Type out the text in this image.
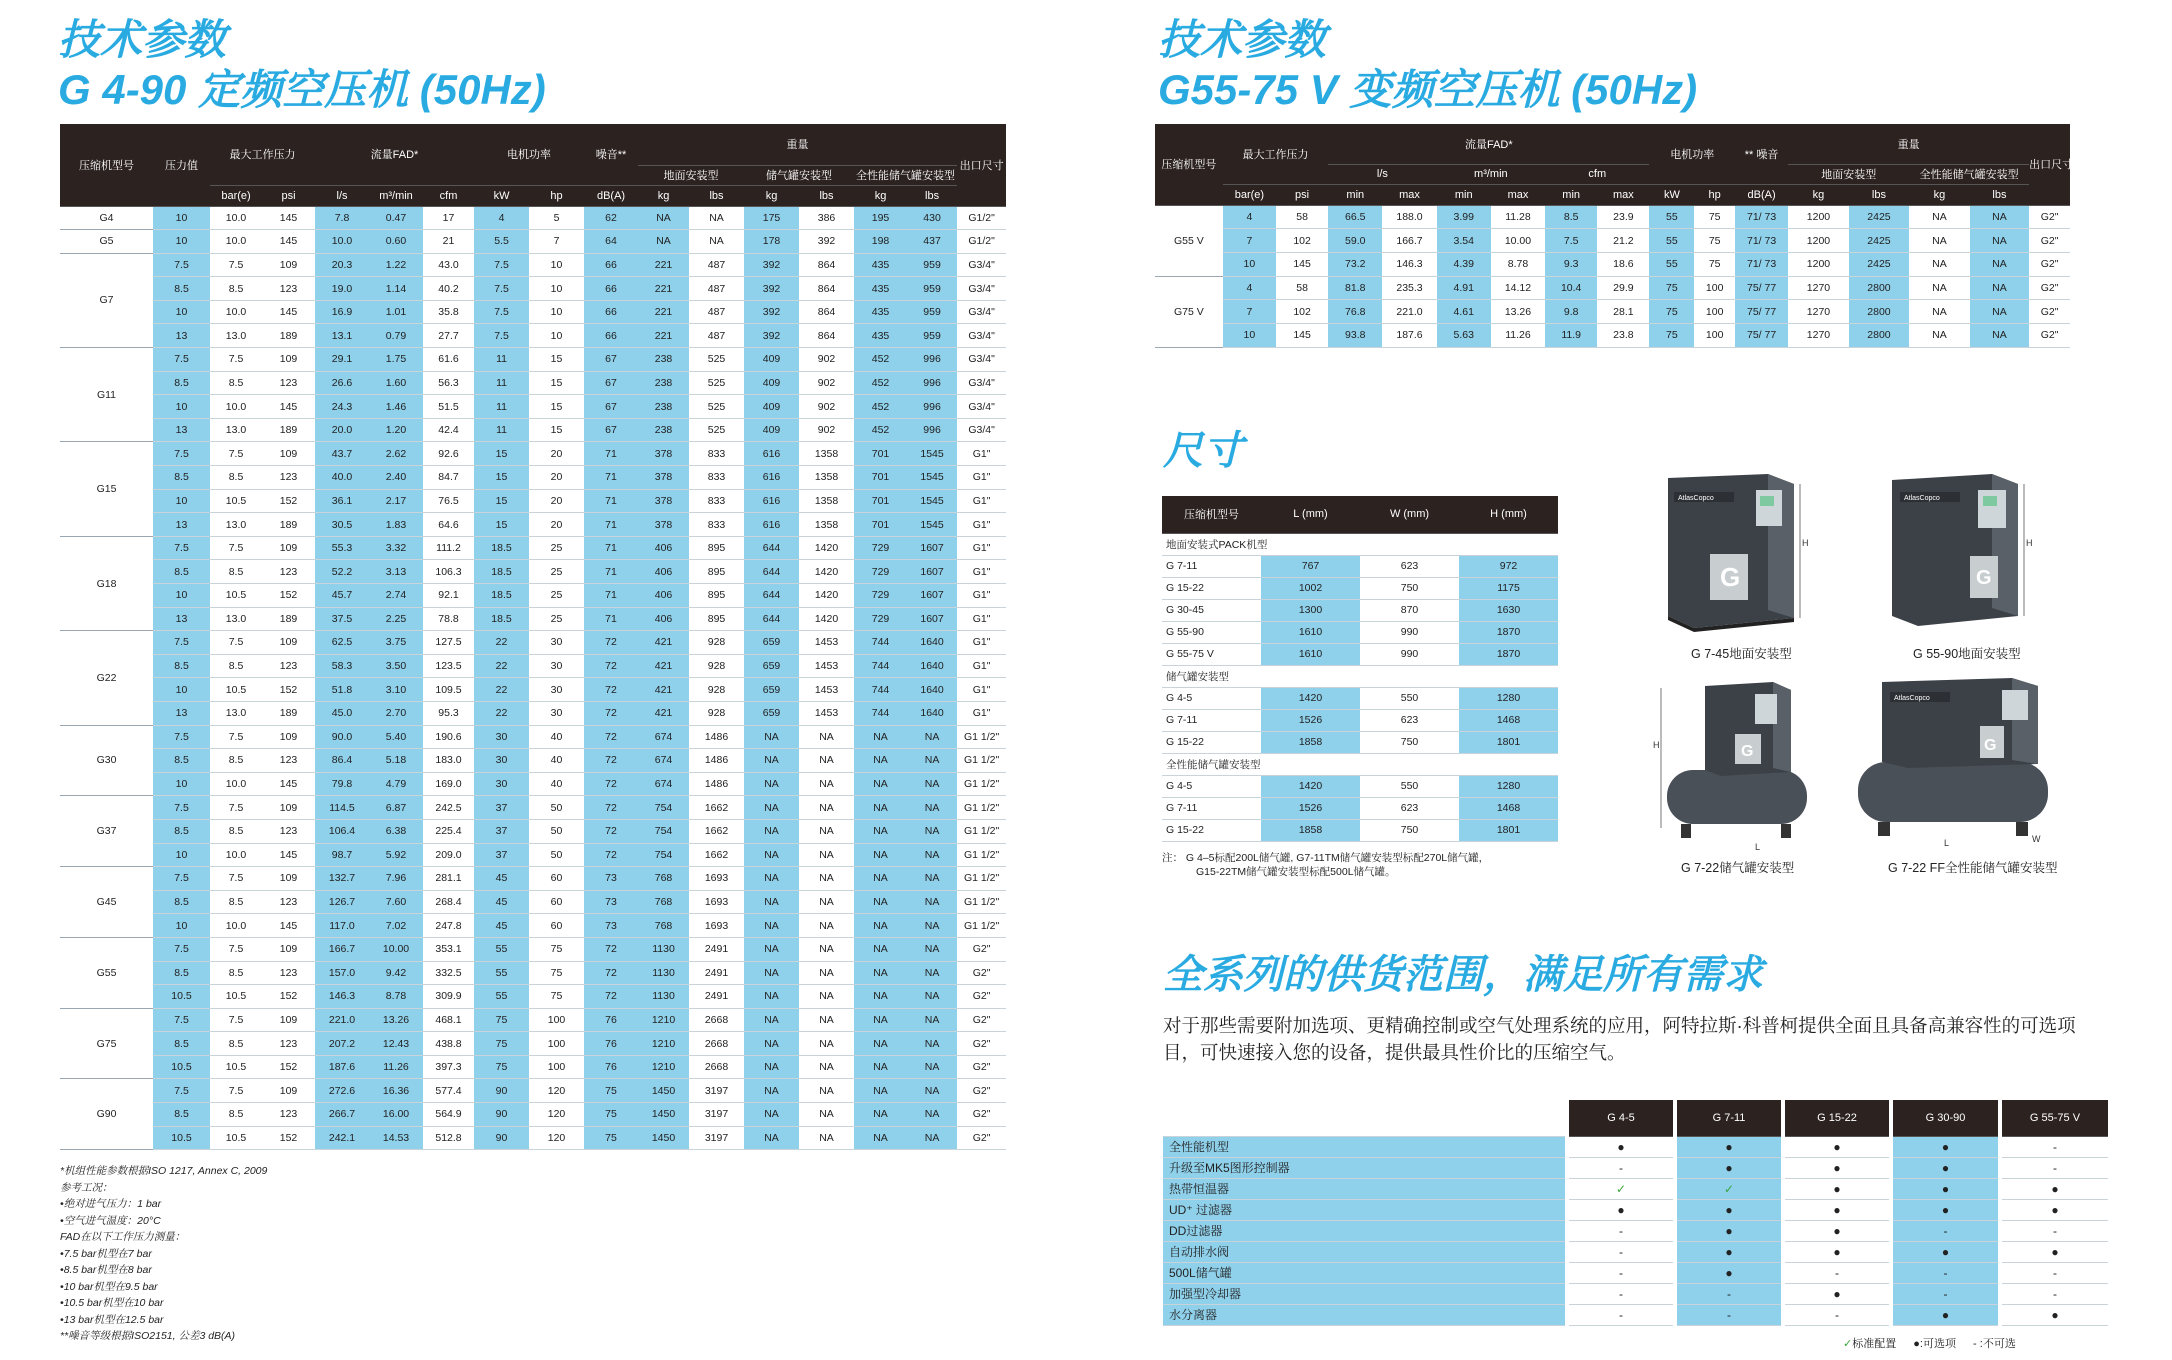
技术参数
G 4-90 定频空压机 (50Hz)
压缩机型号	压力值	最大工作压力		流量FAD*			电机功率		噪音**	重量						出口尺寸
										地面安装型		储气罐安装型		全性能储气罐安装型		
		bar(e)	psi	l/s	m³/min	cfm	kW	hp	dB(A)	kg	lbs	kg	lbs	kg	lbs	
G4	10	10.0	145	7.8	0.47	17	4	5	62	NA	NA	175	386	195	430	G1/2"
G5	10	10.0	145	10.0	0.60	21	5.5	7	64	NA	NA	178	392	198	437	G1/2"
G7	7.5	7.5	109	20.3	1.22	43.0	7.5	10	66	221	487	392	864	435	959	G3/4"
	8.5	8.5	123	19.0	1.14	40.2	7.5	10	66	221	487	392	864	435	959	G3/4"
	10	10.0	145	16.9	1.01	35.8	7.5	10	66	221	487	392	864	435	959	G3/4"
	13	13.0	189	13.1	0.79	27.7	7.5	10	66	221	487	392	864	435	959	G3/4"
G11	7.5	7.5	109	29.1	1.75	61.6	11	15	67	238	525	409	902	452	996	G3/4"
	8.5	8.5	123	26.6	1.60	56.3	11	15	67	238	525	409	902	452	996	G3/4"
	10	10.0	145	24.3	1.46	51.5	11	15	67	238	525	409	902	452	996	G3/4"
	13	13.0	189	20.0	1.20	42.4	11	15	67	238	525	409	902	452	996	G3/4"
G15	7.5	7.5	109	43.7	2.62	92.6	15	20	71	378	833	616	1358	701	1545	G1"
	8.5	8.5	123	40.0	2.40	84.7	15	20	71	378	833	616	1358	701	1545	G1"
	10	10.5	152	36.1	2.17	76.5	15	20	71	378	833	616	1358	701	1545	G1"
	13	13.0	189	30.5	1.83	64.6	15	20	71	378	833	616	1358	701	1545	G1"
G18	7.5	7.5	109	55.3	3.32	111.2	18.5	25	71	406	895	644	1420	729	1607	G1"
	8.5	8.5	123	52.2	3.13	106.3	18.5	25	71	406	895	644	1420	729	1607	G1"
	10	10.5	152	45.7	2.74	92.1	18.5	25	71	406	895	644	1420	729	1607	G1"
	13	13.0	189	37.5	2.25	78.8	18.5	25	71	406	895	644	1420	729	1607	G1"
G22	7.5	7.5	109	62.5	3.75	127.5	22	30	72	421	928	659	1453	744	1640	G1"
	8.5	8.5	123	58.3	3.50	123.5	22	30	72	421	928	659	1453	744	1640	G1"
	10	10.5	152	51.8	3.10	109.5	22	30	72	421	928	659	1453	744	1640	G1"
	13	13.0	189	45.0	2.70	95.3	22	30	72	421	928	659	1453	744	1640	G1"
G30	7.5	7.5	109	90.0	5.40	190.6	30	40	72	674	1486	NA	NA	NA	NA	G1 1/2"
	8.5	8.5	123	86.4	5.18	183.0	30	40	72	674	1486	NA	NA	NA	NA	G1 1/2"
	10	10.0	145	79.8	4.79	169.0	30	40	72	674	1486	NA	NA	NA	NA	G1 1/2"
G37	7.5	7.5	109	114.5	6.87	242.5	37	50	72	754	1662	NA	NA	NA	NA	G1 1/2"
	8.5	8.5	123	106.4	6.38	225.4	37	50	72	754	1662	NA	NA	NA	NA	G1 1/2"
	10	10.0	145	98.7	5.92	209.0	37	50	72	754	1662	NA	NA	NA	NA	G1 1/2"
G45	7.5	7.5	109	132.7	7.96	281.1	45	60	73	768	1693	NA	NA	NA	NA	G1 1/2"
	8.5	8.5	123	126.7	7.60	268.4	45	60	73	768	1693	NA	NA	NA	NA	G1 1/2"
	10	10.0	145	117.0	7.02	247.8	45	60	73	768	1693	NA	NA	NA	NA	G1 1/2"
G55	7.5	7.5	109	166.7	10.00	353.1	55	75	72	1130	2491	NA	NA	NA	NA	G2"
	8.5	8.5	123	157.0	9.42	332.5	55	75	72	1130	2491	NA	NA	NA	NA	G2"
	10.5	10.5	152	146.3	8.78	309.9	55	75	72	1130	2491	NA	NA	NA	NA	G2"
G75	7.5	7.5	109	221.0	13.26	468.1	75	100	76	1210	2668	NA	NA	NA	NA	G2"
	8.5	8.5	123	207.2	12.43	438.8	75	100	76	1210	2668	NA	NA	NA	NA	G2"
	10.5	10.5	152	187.6	11.26	397.3	75	100	76	1210	2668	NA	NA	NA	NA	G2"
G90	7.5	7.5	109	272.6	16.36	577.4	90	120	75	1450	3197	NA	NA	NA	NA	G2"
	8.5	8.5	123	266.7	16.00	564.9	90	120	75	1450	3197	NA	NA	NA	NA	G2"
	10.5	10.5	152	242.1	14.53	512.8	90	120	75	1450	3197	NA	NA	NA	NA	G2"
*机组性能参数根据ISO 1217, Annex C, 2009
参考工况：
• 绝对进气压力：1 bar
• 空气进气温度：20°C
FAD在以下工作压力测量：
• 7.5 bar机型在7 bar
• 8.5 bar机型在8 bar
• 10 bar机型在9.5 bar
• 10.5 bar机型在10 bar
• 13 bar机型在12.5 bar
**噪音等级根据ISO2151, 公差3 dB(A)
技术参数
G55-75 V 变频空压机 (50Hz)
压缩机型号	最大工作压力		流量FAD*						电机功率		** 噪音	重量				出口尺寸
			l/s		m³/min		cfm					地面安装型		全性能储气罐安装型		
	bar(e)	psi	min	max	min	max	min	max	kW	hp	dB(A)	kg	lbs	kg	lbs	
G55 V	4	58	66.5	188.0	3.99	11.28	8.5	23.9	55	75	71/ 73	1200	2425	NA	NA	G2"
	7	102	59.0	166.7	3.54	10.00	7.5	21.2	55	75	71/ 73	1200	2425	NA	NA	G2"
	10	145	73.2	146.3	4.39	8.78	9.3	18.6	55	75	71/ 73	1200	2425	NA	NA	G2"
G75 V	4	58	81.8	235.3	4.91	14.12	10.4	29.9	75	100	75/ 77	1270	2800	NA	NA	G2"
	7	102	76.8	221.0	4.61	13.26	9.8	28.1	75	100	75/ 77	1270	2800	NA	NA	G2"
	10	145	93.8	187.6	5.63	11.26	11.9	23.8	75	100	75/ 77	1270	2800	NA	NA	G2"
尺寸
压缩机型号	L (mm)	W (mm)	H (mm)
地面安装式PACK机型			
G 7-11	767	623	972
G 15-22	1002	750	1175
G 30-45	1300	870	1630
G 55-90	1610	990	1870
G 55-75 V	1610	990	1870
储气罐安装型			
G 4-5	1420	550	1280
G 7-11	1526	623	1468
G 15-22	1858	750	1801
全性能储气罐安装型			
G 4-5	1420	550	1280
G 7-11	1526	623	1468
G 15-22	1858	750	1801
注： G 4–5标配200L储气罐, G7-11TM储气罐安装型标配270L储气罐，
G15-22TM储气罐安装型标配500L储气罐。
AtlasCopco
G
H
AtlasCopco
G
H
G 7-45地面安装型	G 55-90地面安装型
G
H
L
AtlasCopco
G
L	W
G 7-22储气罐安装型	G 7-22 FF全性能储气罐安装型
全系列的供货范围，满足所有需求
对于那些需要附加选项、更精确控制或空气处理系统的应用，阿特拉斯·科普柯提供全面且具备高兼容性的可选项
目，可快速接入您的设备，提供最具性价比的压缩空气。
	G 4-5	G 7-11	G 15-22	G 30-90	G 55-75 V
全性能机型	●	●	●	●	-
升级至MK5图形控制器	-	●	●	●	-
热带恒温器	✓	✓	●	●	●
UD⁺ 过滤器	●	●	●	●	●
DD过滤器	-	●	●	-	-
自动排水阀	-	●	●	●	●
500L储气罐	-	●	-	-	-
加强型冷却器	-	-	●	-	-
水分离器	-	-	-	●	●
✓标准配置 ●:可选项 - :不可选
